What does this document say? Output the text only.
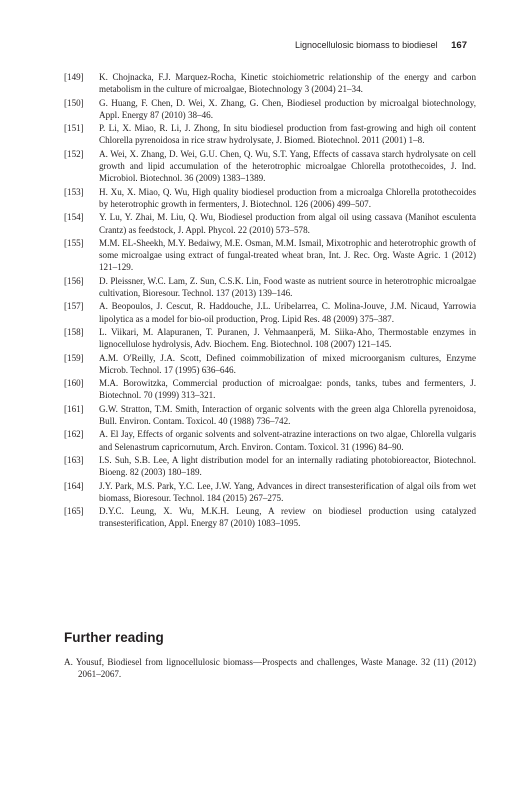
Lignocellulosic biomass to biodiesel 167
[149] K. Chojnacka, F.J. Marquez-Rocha, Kinetic stoichiometric relationship of the energy and carbon metabolism in the culture of microalgae, Biotechnology 3 (2004) 21–34.
[150] G. Huang, F. Chen, D. Wei, X. Zhang, G. Chen, Biodiesel production by microalgal biotechnology, Appl. Energy 87 (2010) 38–46.
[151] P. Li, X. Miao, R. Li, J. Zhong, In situ biodiesel production from fast-growing and high oil content Chlorella pyrenoidosa in rice straw hydrolysate, J. Biomed. Biotechnol. 2011 (2001) 1–8.
[152] A. Wei, X. Zhang, D. Wei, G.U. Chen, Q. Wu, S.T. Yang, Effects of cassava starch hydrolysate on cell growth and lipid accumulation of the heterotrophic microalgae Chlorella protothecoides, J. Ind. Microbiol. Biotechnol. 36 (2009) 1383–1389.
[153] H. Xu, X. Miao, Q. Wu, High quality biodiesel production from a microalga Chlorella protothecoides by heterotrophic growth in fermenters, J. Biotechnol. 126 (2006) 499–507.
[154] Y. Lu, Y. Zhai, M. Liu, Q. Wu, Biodiesel production from algal oil using cassava (Manihot esculenta Crantz) as feedstock, J. Appl. Phycol. 22 (2010) 573–578.
[155] M.M. EL-Sheekh, M.Y. Bedaiwy, M.E. Osman, M.M. Ismail, Mixotrophic and heterotrophic growth of some microalgae using extract of fungal-treated wheat bran, Int. J. Rec. Org. Waste Agric. 1 (2012) 121–129.
[156] D. Pleissner, W.C. Lam, Z. Sun, C.S.K. Lin, Food waste as nutrient source in heterotrophic microalgae cultivation, Bioresour. Technol. 137 (2013) 139–146.
[157] A. Beopoulos, J. Cescut, R. Haddouche, J.L. Uribelarrea, C. Molina-Jouve, J.M. Nicaud, Yarrowia lipolytica as a model for bio-oil production, Prog. Lipid Res. 48 (2009) 375–387.
[158] L. Viikari, M. Alapuranen, T. Puranen, J. Vehmaanperä, M. Siika-Aho, Thermostable enzymes in lignocellulose hydrolysis, Adv. Biochem. Eng. Biotechnol. 108 (2007) 121–145.
[159] A.M. O'Reilly, J.A. Scott, Defined coimmobilization of mixed microorganism cultures, Enzyme Microb. Technol. 17 (1995) 636–646.
[160] M.A. Borowitzka, Commercial production of microalgae: ponds, tanks, tubes and fermenters, J. Biotechnol. 70 (1999) 313–321.
[161] G.W. Stratton, T.M. Smith, Interaction of organic solvents with the green alga Chlorella pyrenoidosa, Bull. Environ. Contam. Toxicol. 40 (1988) 736–742.
[162] A. El Jay, Effects of organic solvents and solvent-atrazine interactions on two algae, Chlorella vulgaris and Selenastrum capricornutum, Arch. Environ. Contam. Toxicol. 31 (1996) 84–90.
[163] I.S. Suh, S.B. Lee, A light distribution model for an internally radiating photobioreactor, Biotechnol. Bioeng. 82 (2003) 180–189.
[164] J.Y. Park, M.S. Park, Y.C. Lee, J.W. Yang, Advances in direct transesterification of algal oils from wet biomass, Bioresour. Technol. 184 (2015) 267–275.
[165] D.Y.C. Leung, X. Wu, M.K.H. Leung, A review on biodiesel production using catalyzed transesterification, Appl. Energy 87 (2010) 1083–1095.
Further reading
A. Yousuf, Biodiesel from lignocellulosic biomass—Prospects and challenges, Waste Manage. 32 (11) (2012) 2061–2067.
